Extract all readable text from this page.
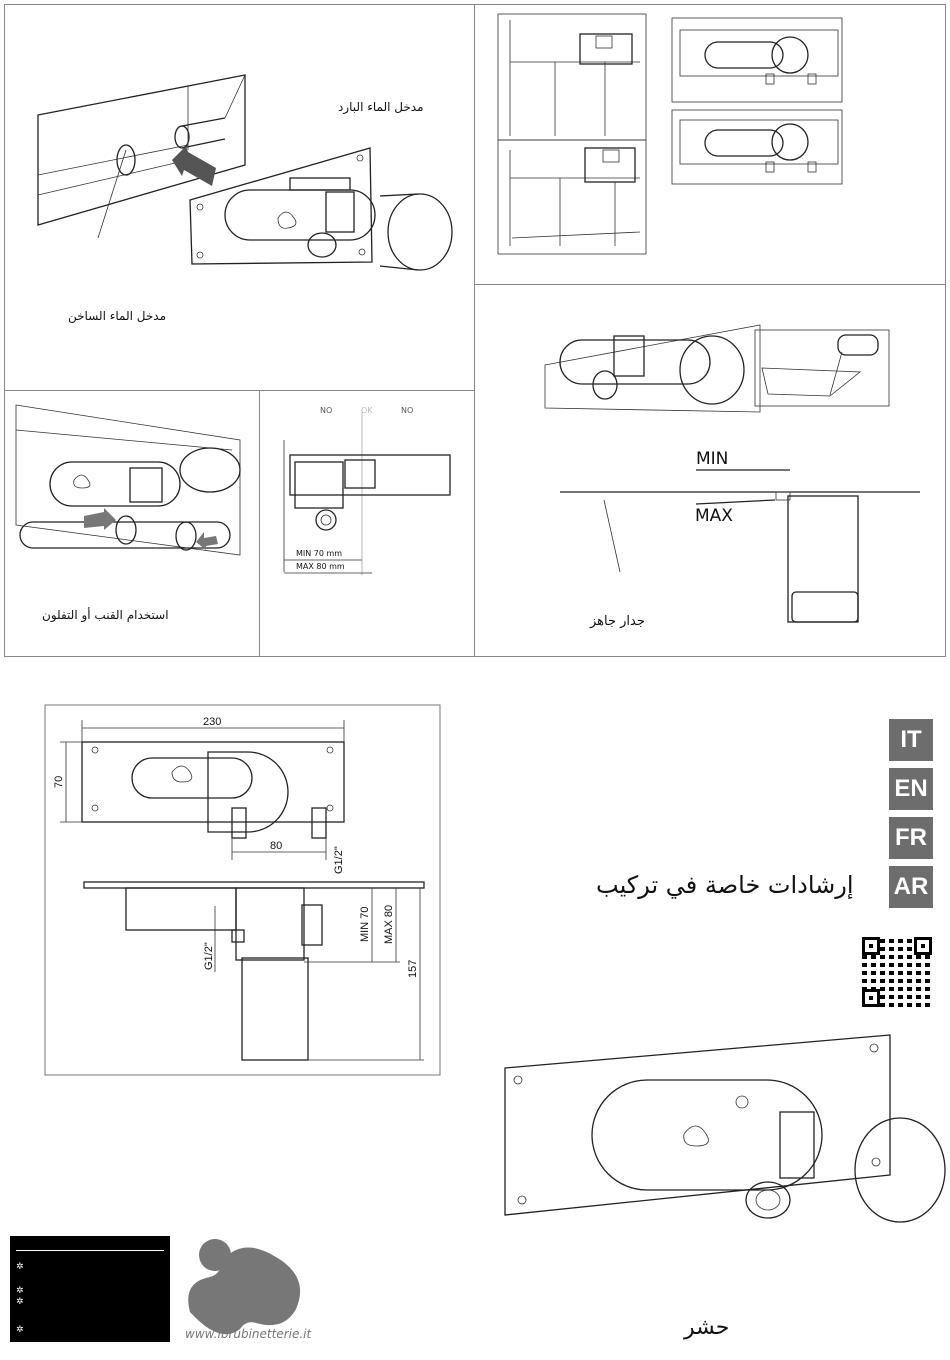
230
70
80
G1/2"
G1/2"
MIN 70 MAX 80
157
مدخل الماء البارد
مدخل الماء الساخن
استخدام القنب أو التفلون	جدار جاهز
MIN
MAX
NO	OK	NO
MIN 70 mm
MAX 80 mm
IT
EN
FR
AR
إرشادات خاصة في تركيب
✲
✲
✲
✲	www.ibrubinetterie.it	حشر
